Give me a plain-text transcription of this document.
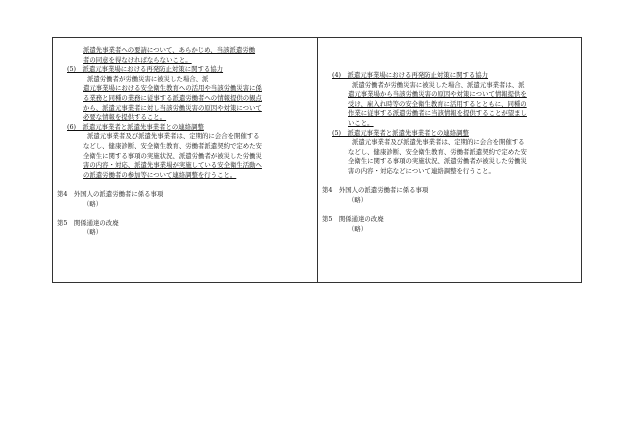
派遣先事業者への要請について、あらかじめ、当該派遣労働
者の同意を得なければならないこと。
(5)　派遣元事業場における再発防止対策に関する協力
派遣労働者が労働災害に被災した場合、派
遣元事業場における安全衛生教育への活用や当該労働災害に係
る業務と同種の業務に従事する派遣労働者への情報提供の観点
から、派遣元事業者に対し当該労働災害の原因や対策について
必要な情報を提供すること。
(6)　派遣元事業者と派遣先事業者との連絡調整
派遣元事業者及び派遣先事業者は、定期的に会合を開催する
などし、健康診断、安全衛生教育、労働者派遣契約で定めた安
全衛生に関する事項の実施状況、派遣労働者が被災した労働災
害の内容・対応、派遣先事業場が実施している安全衛生活動へ
の派遣労働者の参加等について連絡調整を行うこと。
第4　外国人の派遣労働者に係る事項
（略）
第5　関係通達の改廃
（略）
(4)　派遣元事業場における再発防止対策に関する協力
派遣労働者が労働災害に被災した場合、派遣元事業者は、派
遣元事業場から当該労働災害の原因や対策について情報提供を
受け、雇入れ時等の安全衛生教育に活用するとともに、同種の
作業に従事する派遣労働者に当該情報を提供することが望まし
いこと。
(5)　派遣元事業者と派遣先事業者との連絡調整
派遣元事業者及び派遣先事業者は、定期的に会合を開催する
などし、健康診断、安全衛生教育、労働者派遣契約で定めた安
全衛生に関する事項の実施状況、派遣労働者が被災した労働災
害の内容・対応などについて連絡調整を行うこと。
第4　外国人の派遣労働者に係る事項
（略）
第5　関係通達の改廃
（略）
